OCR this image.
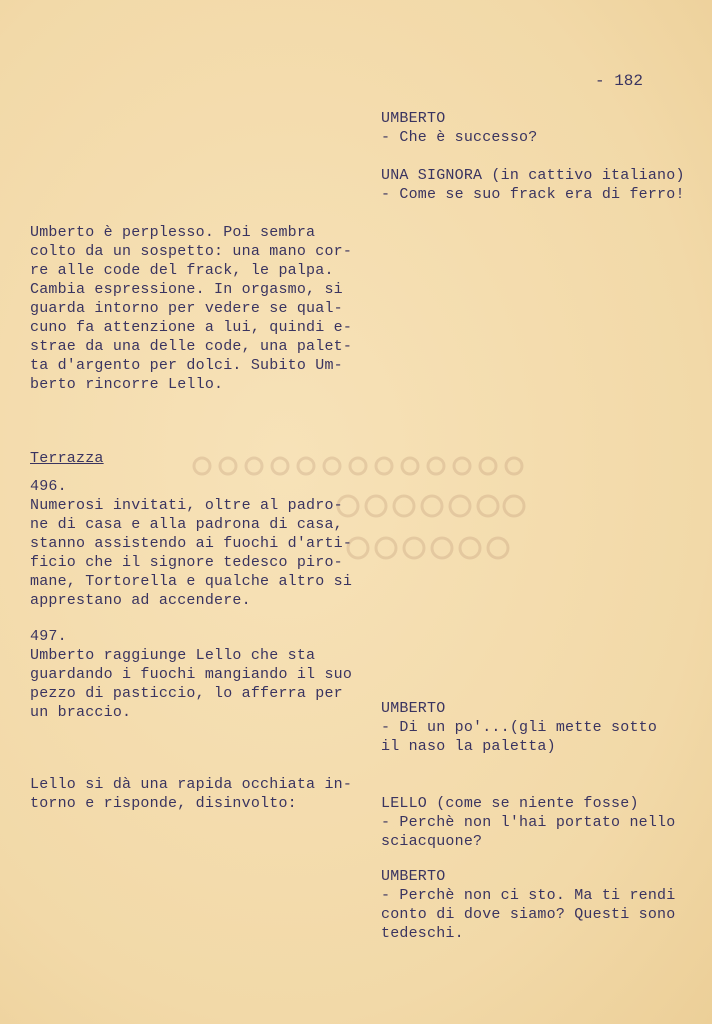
- 182
UMBERTO
- Che è successo?
UNA SIGNORA (in cattivo italiano)
- Come se suo frack era di ferro!
Umberto è perplesso. Poi sembra
colto da un sospetto: una mano cor-
re alle code del frack, le palpa.
Cambia espressione. In orgasmo, si
guarda intorno per vedere se qual-
cuno fa attenzione a lui, quindi e-
strae da una delle code, una palet-
ta d'argento per dolci. Subito Um-
berto rincorre Lello.
Terrazza
496.
Numerosi invitati, oltre al padro-
ne di casa e alla padrona di casa,
stanno assistendo ai fuochi d'arti-
ficio che il signore tedesco piro-
mane, Tortorella e qualche altro si
apprestano ad accendere.
497.
Umberto raggiunge Lello che sta
guardando i fuochi mangiando il suo
pezzo di pasticcio, lo afferra per
un braccio.	UMBERTO
- Di un po'...(gli mette sotto
il naso la paletta)
Lello si dà una rapida occhiata in-
torno e risponde, disinvolto:	LELLO (come se niente fosse)
- Perchè non l'hai portato nello
sciacquone?
UMBERTO
- Perchè non ci sto. Ma ti rendi
conto di dove siamo? Questi sono
tedeschi.
